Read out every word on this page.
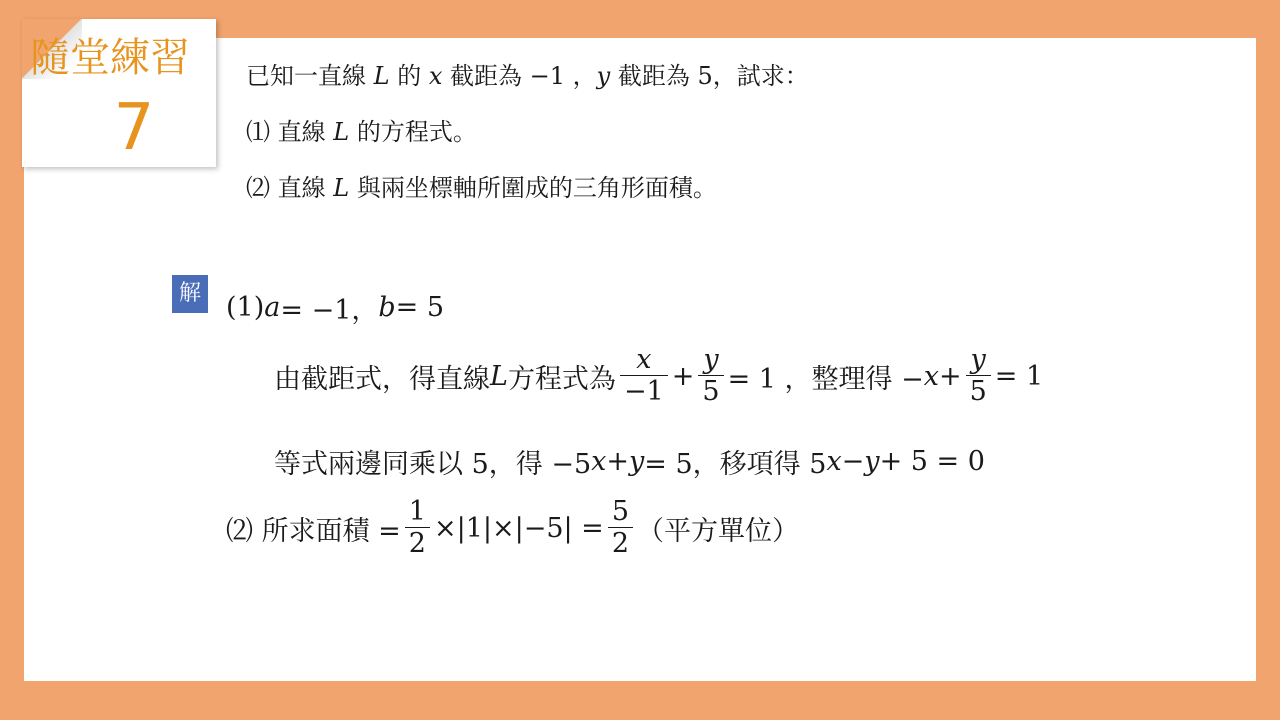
隨堂練習
7
已知一直線 L 的 x 截距為 −1 ，y 截距為 5，試求：
⑴ 直線 L 的方程式。
⑵ 直線 L 與兩坐標軸所圍成的三角形面積。
解 (1) a = −1， b = 5
由截距式，得直線 L 方程式為 $\frac{x}{-1} + \frac{y}{5} = 1$ ，整理得 − $x + \frac{y}{5} = 1$
等式兩邊同乘以 5，得 −5 x + y = 5，移項得 5 x − y + 5 = 0
⑵ 所求面積 = $\frac{1}{2} \times|1|\times|-5| = \frac{5}{2}$ （平方單位）
